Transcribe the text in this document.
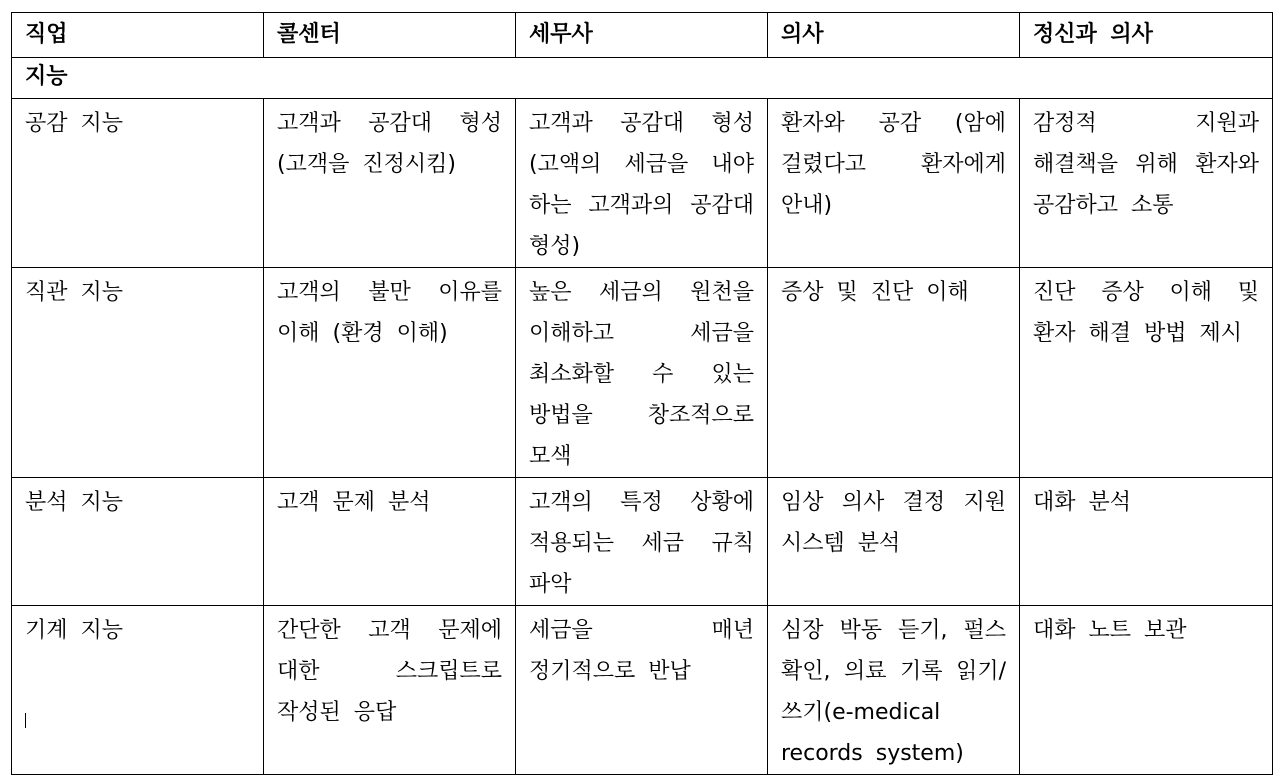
직업	콜센터	세무사	의사	정신과 의사
지능				
공감 지능	고객과 공감대 형성 (고객을 진정시킴)	고객과 공감대 형성 (고액의 세금을 내야 하는 고객과의 공감대 형성)	환자와 공감 (암에 걸렸다고 환자에게 안내)	감정적 지원과 해결책을 위해 환자와 공감하고 소통
직관 지능	고객의 불만 이유를 이해 (환경 이해)	높은 세금의 원천을 이해하고 세금을 최소화할 수 있는 방법을 창조적으로 모색	증상 및 진단 이해	진단 증상 이해 및 환자 해결 방법 제시
분석 지능	고객 문제 분석	고객의 특정 상황에 적용되는 세금 규칙 파악	임상 의사 결정 지원 시스템 분석	대화 분석
기계 지능	간단한 고객 문제에 대한 스크립트로 작성된 응답	세금을 매년 정기적으로 반납	심장 박동 듣기, 펄스 확인, 의료 기록 읽기/쓰기(e-medical records system)	대화 노트 보관
